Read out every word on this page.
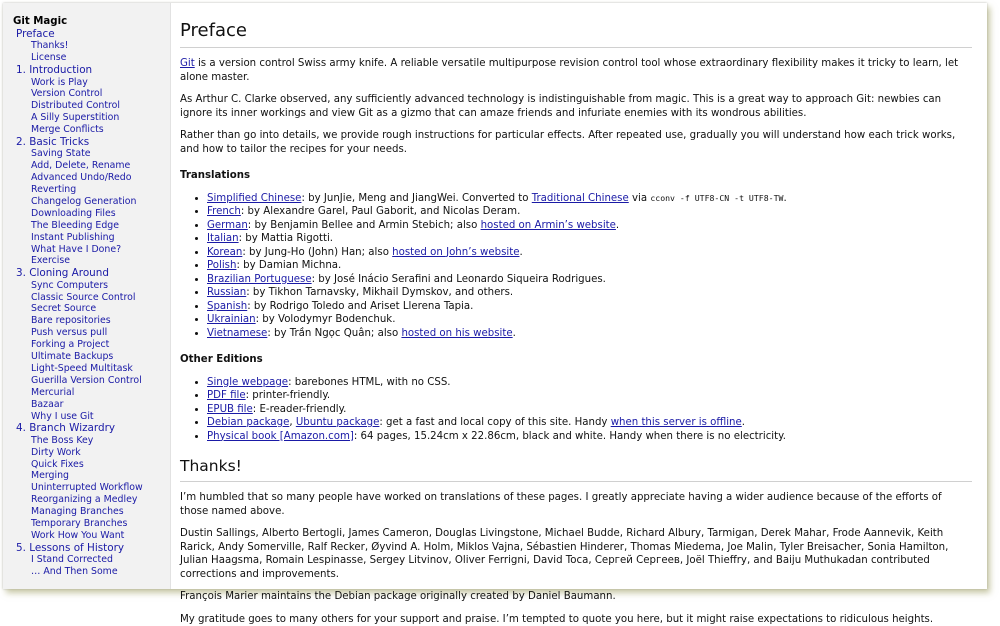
Git Magic
Preface
Thanks!
License
1. Introduction
Work is Play
Version Control
Distributed Control
A Silly Superstition
Merge Conflicts
2. Basic Tricks
Saving State
Add, Delete, Rename
Advanced Undo/Redo
Reverting
Changelog Generation
Downloading Files
The Bleeding Edge
Instant Publishing
What Have I Done?
Exercise
3. Cloning Around
Sync Computers
Classic Source Control
Secret Source
Bare repositories
Push versus pull
Forking a Project
Ultimate Backups
Light-Speed Multitask
Guerilla Version Control
Mercurial
Bazaar
Why I use Git
4. Branch Wizardry
The Boss Key
Dirty Work
Quick Fixes
Merging
Uninterrupted Workflow
Reorganizing a Medley
Managing Branches
Temporary Branches
Work How You Want
5. Lessons of History
I Stand Corrected
… And Then Some
Preface

Git is a version control Swiss army knife. A reliable versatile multipurpose revision control tool whose extraordinary flexibility makes it tricky to learn, let alone master.

As Arthur C. Clarke observed, any sufficiently advanced technology is indistinguishable from magic. This is a great way to approach Git: newbies can ignore its inner workings and view Git as a gizmo that can amaze friends and infuriate enemies with its wondrous abilities.

Rather than go into details, we provide rough instructions for particular effects. After repeated use, gradually you will understand how each trick works, and how to tailor the recipes for your needs.

Translations
• Simplified Chinese: by JunJie, Meng and JiangWei. Converted to Traditional Chinese via cconv -f UTF8-CN -t UTF8-TW.
• French: by Alexandre Garel, Paul Gaborit, and Nicolas Deram.
• German: by Benjamin Bellee and Armin Stebich; also hosted on Armin’s website.
• Italian: by Mattia Rigotti.
• Korean: by Jung-Ho (John) Han; also hosted on John’s website.
• Polish: by Damian Michna.
• Brazilian Portuguese: by José Inácio Serafini and Leonardo Siqueira Rodrigues.
• Russian: by Tikhon Tarnavsky, Mikhail Dymskov, and others.
• Spanish: by Rodrigo Toledo and Ariset Llerena Tapia.
• Ukrainian: by Volodymyr Bodenchuk.
• Vietnamese: by Trần Ngọc Quân; also hosted on his website.
Other Editions
• Single webpage: barebones HTML, with no CSS.
• PDF file: printer-friendly.
• EPUB file: E-reader-friendly.
• Debian package, Ubuntu package: get a fast and local copy of this site. Handy when this server is offline.
• Physical book [Amazon.com]: 64 pages, 15.24cm x 22.86cm, black and white. Handy when there is no electricity.
Thanks!

I’m humbled that so many people have worked on translations of these pages. I greatly appreciate having a wider audience because of the efforts of those named above.

Dustin Sallings, Alberto Bertogli, James Cameron, Douglas Livingstone, Michael Budde, Richard Albury, Tarmigan, Derek Mahar, Frode Aannevik, Keith Rarick, Andy Somerville, Ralf Recker, Øyvind A. Holm, Miklos Vajna, Sébastien Hinderer, Thomas Miedema, Joe Malin, Tyler Breisacher, Sonia Hamilton, Julian Haagsma, Romain Lespinasse, Sergey Litvinov, Oliver Ferrigni, David Toca, Сергей Сергеев, Joël Thieffry, and Baiju Muthukadan contributed corrections and improvements.

François Marier maintains the Debian package originally created by Daniel Baumann.

My gratitude goes to many others for your support and praise. I’m tempted to quote you here, but it might raise expectations to ridiculous heights.
